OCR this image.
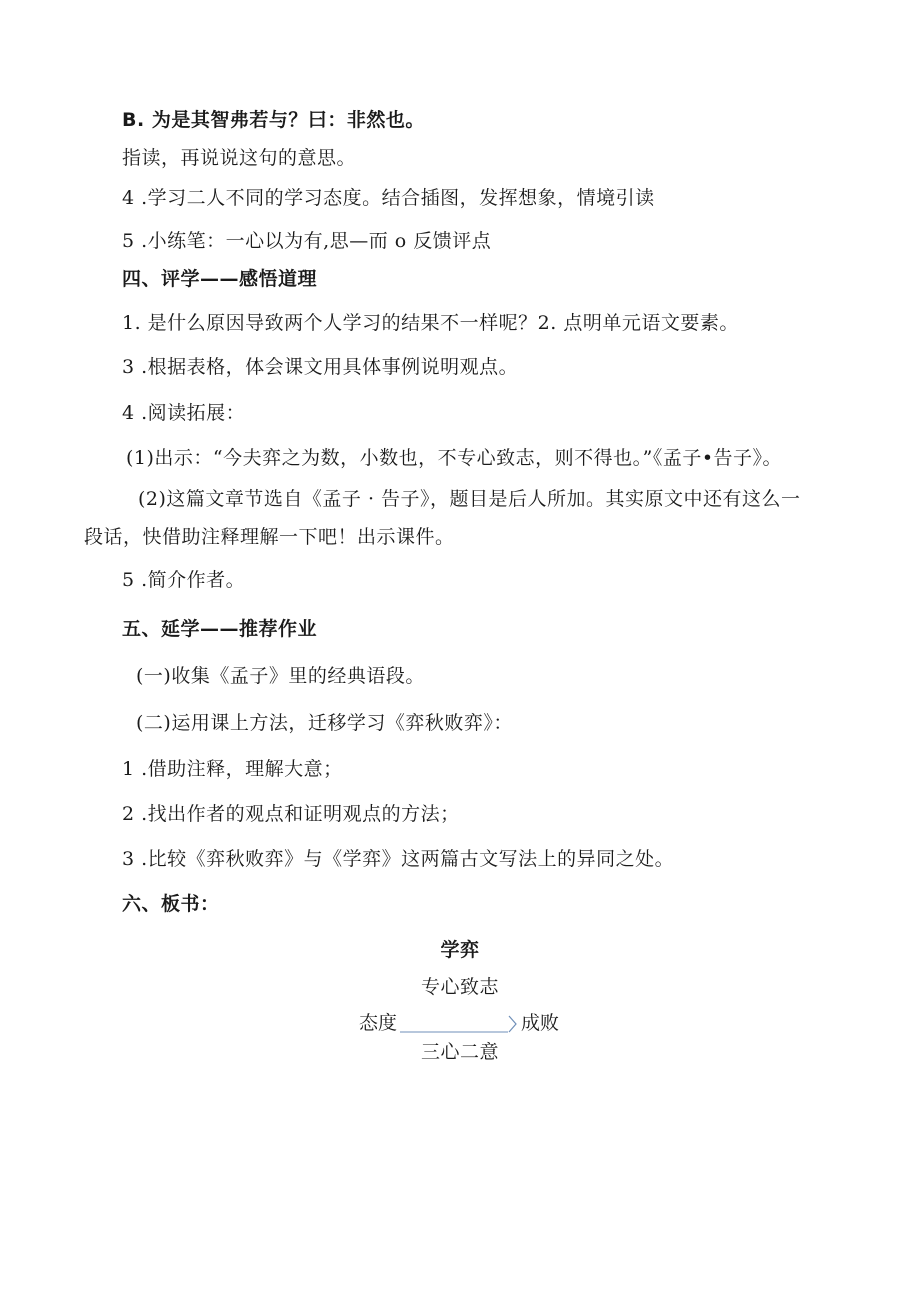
B. 为是其智弗若与？曰：非然也。
指读，再说说这句的意思。
4 .学习二人不同的学习态度。结合插图，发挥想象，情境引读
5 .小练笔：一心以为有,思—而 o 反馈评点
四、评学——感悟道理
1. 是什么原因导致两个人学习的结果不一样呢？2. 点明单元语文要素。
3 .根据表格，体会课文用具体事例说明观点。
4 .阅读拓展：
(1)出示：“今夫弈之为数，小数也，不专心致志，则不得也。”《孟子•告子》。
(2)这篇文章节选自《孟子 · 告子》，题目是后人所加。其实原文中还有这么一
段话，快借助注释理解一下吧！出示课件。
5 .简介作者。
五、延学——推荐作业
(一)收集《孟子》里的经典语段。
(二)运用课上方法，迁移学习《弈秋败弈》：
1 .借助注释，理解大意；
2 .找出作者的观点和证明观点的方法；
3 .比较《弈秋败弈》与《学弈》这两篇古文写法上的异同之处。
六、板书：
学弈
专心致志
态度	成败
三心二意
